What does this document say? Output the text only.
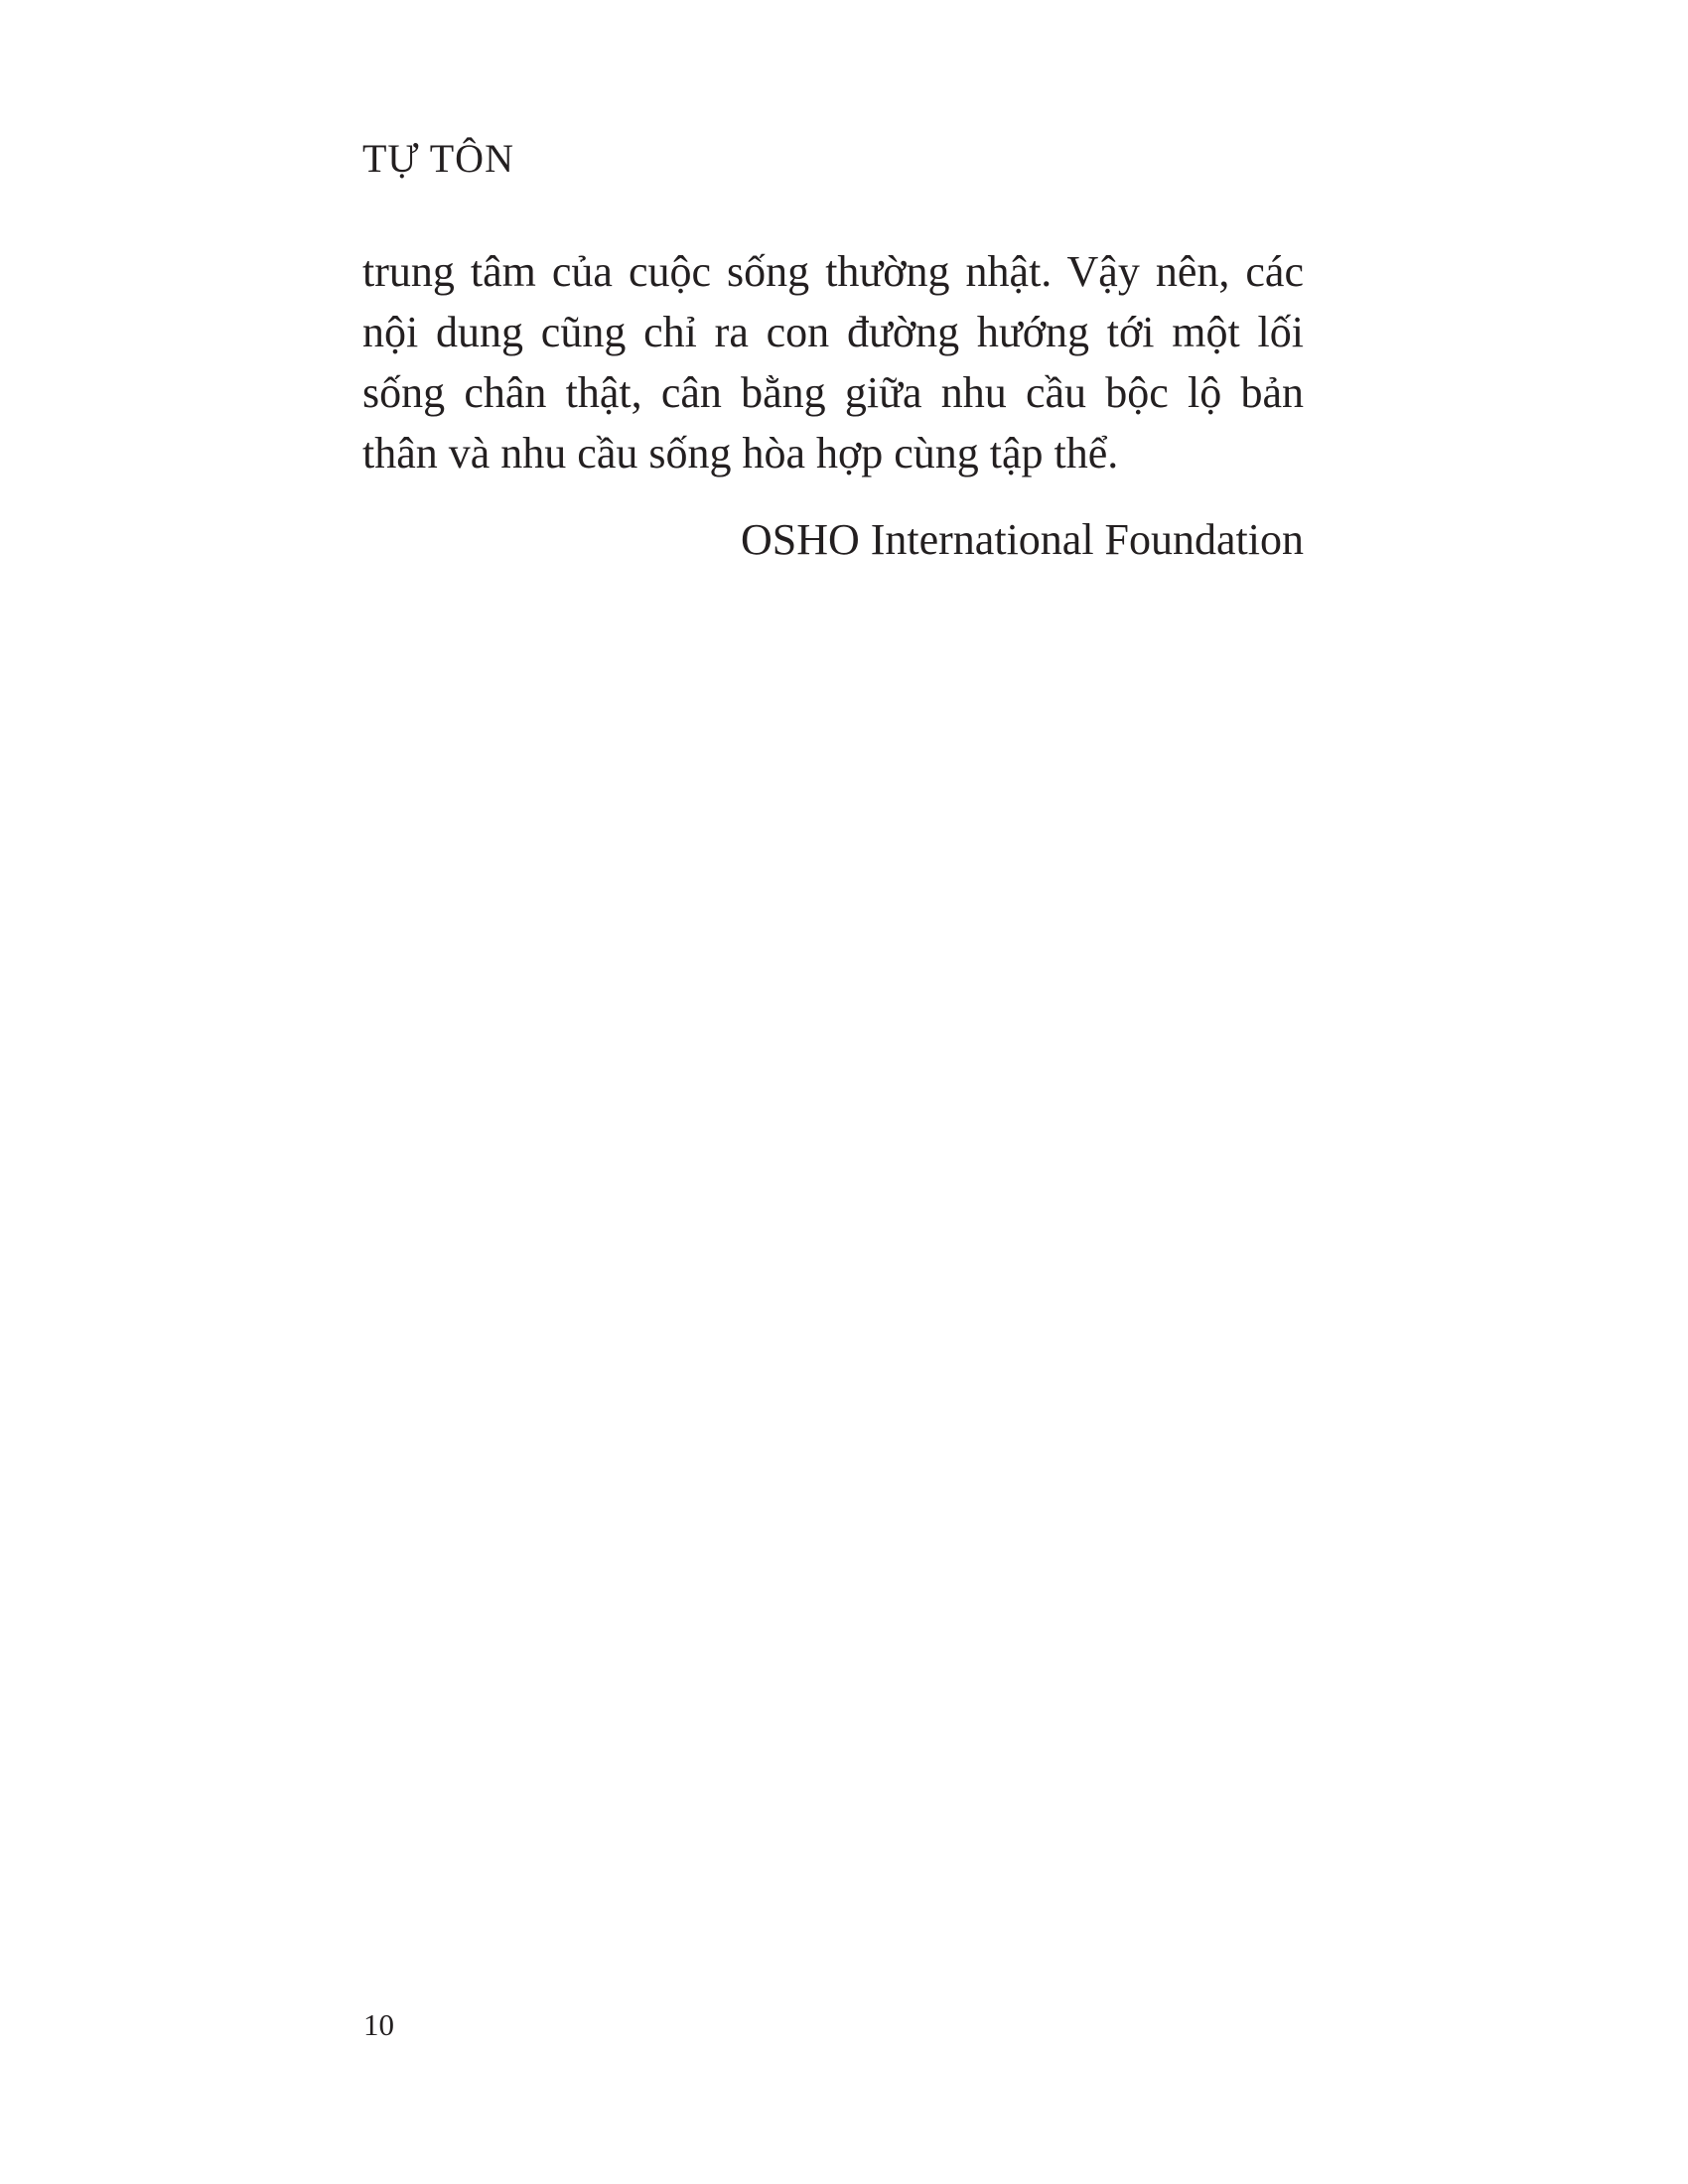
TỰ TÔN
trung tâm của cuộc sống thường nhật. Vậy nên, các
nội dung cũng chỉ ra con đường hướng tới một lối
sống chân thật, cân bằng giữa nhu cầu bộc lộ bản
thân và nhu cầu sống hòa hợp cùng tập thể.
OSHO International Foundation
10
